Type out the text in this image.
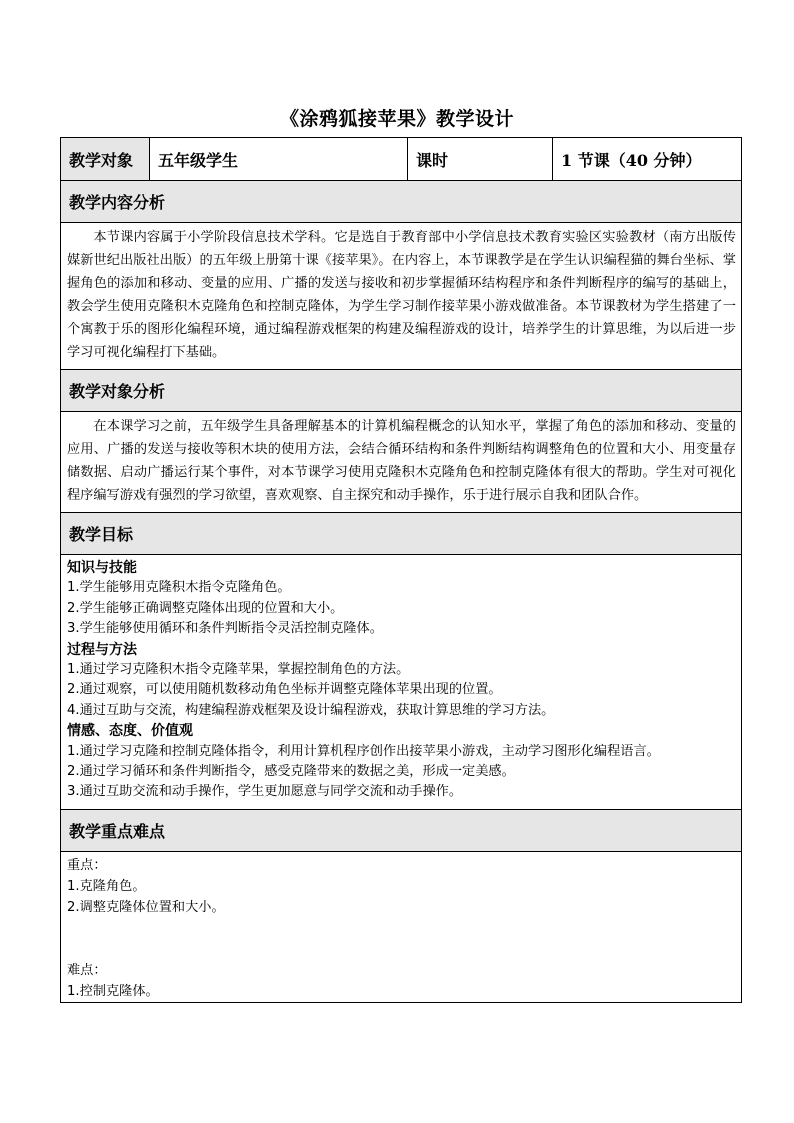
《涂鸦狐接苹果》教学设计
教学对象	五年级学生	课时	1 节课（40 分钟）
教学内容分析
本节课内容属于小学阶段信息技术学科。它是选自于教育部中小学信息技术教育实验区实验教材（南方出版传媒新世纪出版社出版）的五年级上册第十课《接苹果》。在内容上，本节课教学是在学生认识编程猫的舞台坐标、掌握角色的添加和移动、变量的应用、广播的发送与接收和初步掌握循环结构程序和条件判断程序的编写的基础上，教会学生使用克隆积木克隆角色和控制克隆体，为学生学习制作接苹果小游戏做准备。本节课教材为学生搭建了一个寓教于乐的图形化编程环境，通过编程游戏框架的构建及编程游戏的设计，培养学生的计算思维，为以后进一步学习可视化编程打下基础。
教学对象分析
在本课学习之前，五年级学生具备理解基本的计算机编程概念的认知水平，掌握了角色的添加和移动、变量的应用、广播的发送与接收等积木块的使用方法，会结合循环结构和条件判断结构调整角色的位置和大小、用变量存储数据、启动广播运行某个事件，对本节课学习使用克隆积木克隆角色和控制克隆体有很大的帮助。学生对可视化程序编写游戏有强烈的学习欲望，喜欢观察、自主探究和动手操作，乐于进行展示自我和团队合作。
教学目标

知识与技能
1.学生能够用克隆积木指令克隆角色。
2.学生能够正确调整克隆体出现的位置和大小。
3.学生能够使用循环和条件判断指令灵活控制克隆体。
过程与方法
1.通过学习克隆积木指令克隆苹果，掌握控制角色的方法。
2.通过观察，可以使用随机数移动角色坐标并调整克隆体苹果出现的位置。
4.通过互助与交流，构建编程游戏框架及设计编程游戏，获取计算思维的学习方法。
情感、态度、价值观
1.通过学习克隆和控制克隆体指令，利用计算机程序创作出接苹果小游戏，主动学习图形化编程语言。
2.通过学习循环和条件判断指令，感受克隆带来的数据之美，形成一定美感。
3.通过互助交流和动手操作，学生更加愿意与同学交流和动手操作。

教学重点难点

重点：
1.克隆角色。
2.调整克隆体位置和大小。
难点：
1.控制克隆体。
